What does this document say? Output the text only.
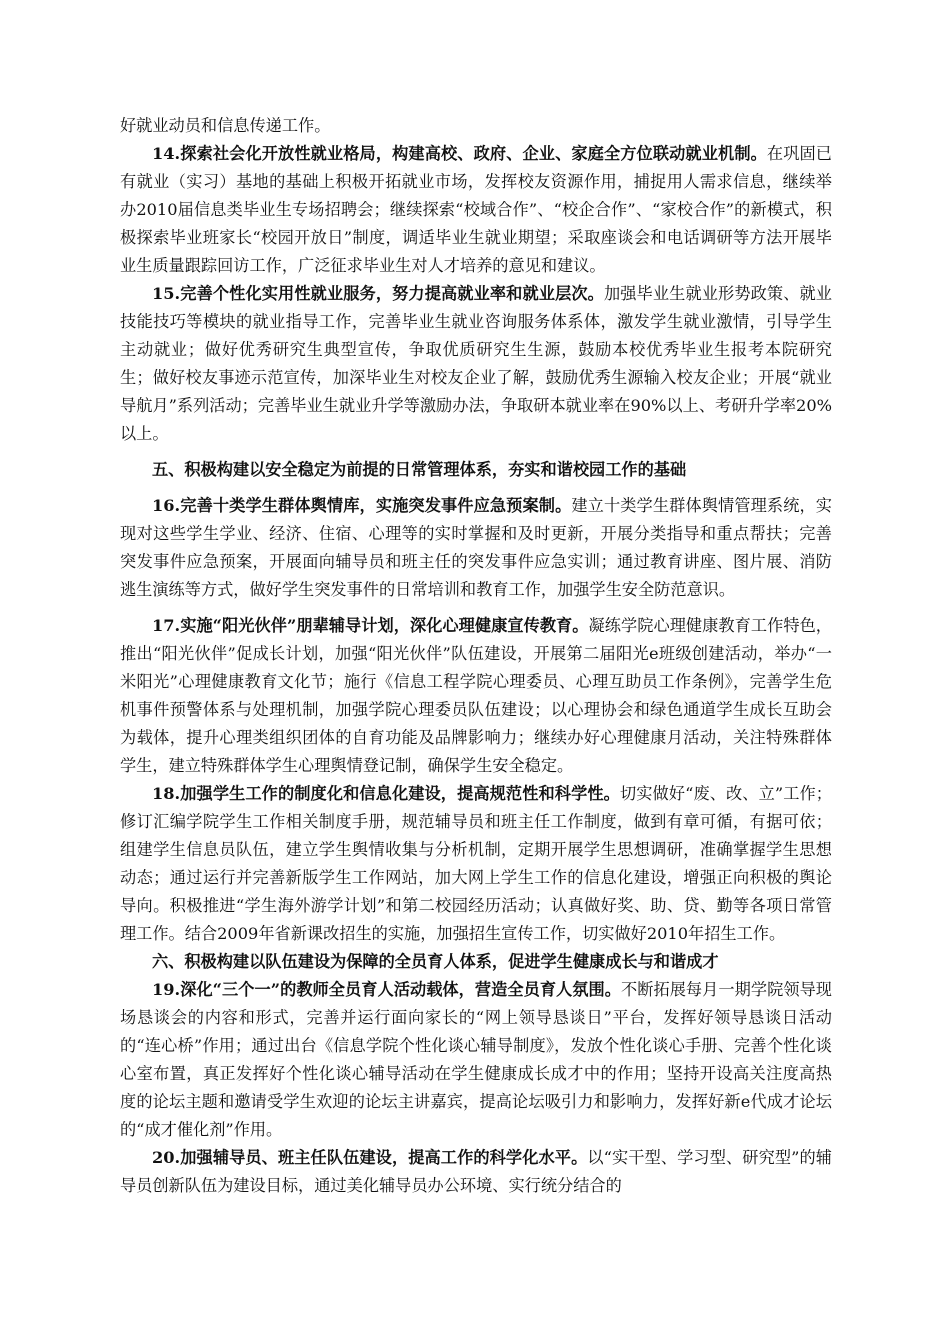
好就业动员和信息传递工作。

14.探索社会化开放性就业格局，构建高校、政府、企业、家庭全方位联动就业机制。在巩固已有就业（实习）基地的基础上积极开拓就业市场，发挥校友资源作用，捕捉用人需求信息，继续举办2010届信息类毕业生专场招聘会；继续探索“校域合作”、“校企合作”、“家校合作”的新模式，积极探索毕业班家长“校园开放日”制度，调适毕业生就业期望；采取座谈会和电话调研等方法开展毕业生质量跟踪回访工作，广泛征求毕业生对人才培养的意见和建议。

15.完善个性化实用性就业服务，努力提高就业率和就业层次。加强毕业生就业形势政策、就业技能技巧等模块的就业指导工作，完善毕业生就业咨询服务体系体，激发学生就业激情，引导学生主动就业；做好优秀研究生典型宣传，争取优质研究生生源，鼓励本校优秀毕业生报考本院研究生；做好校友事迹示范宣传，加深毕业生对校友企业了解，鼓励优秀生源输入校友企业；开展“就业导航月”系列活动；完善毕业生就业升学等激励办法，争取研本就业率在90%以上、考研升学率20%以上。

五、积极构建以安全稳定为前提的日常管理体系，夯实和谐校园工作的基础

16.完善十类学生群体舆情库，实施突发事件应急预案制。建立十类学生群体舆情管理系统，实现对这些学生学业、经济、住宿、心理等的实时掌握和及时更新，开展分类指导和重点帮扶；完善突发事件应急预案，开展面向辅导员和班主任的突发事件应急实训；通过教育讲座、图片展、消防逃生演练等方式，做好学生突发事件的日常培训和教育工作，加强学生安全防范意识。

17.实施“阳光伙伴”朋辈辅导计划，深化心理健康宣传教育。凝练学院心理健康教育工作特色，推出“阳光伙伴”促成长计划，加强“阳光伙伴”队伍建设，开展第二届阳光e班级创建活动，举办“一米阳光”心理健康教育文化节；施行《信息工程学院心理委员、心理互助员工作条例》，完善学生危机事件预警体系与处理机制，加强学院心理委员队伍建设；以心理协会和绿色通道学生成长互助会为载体，提升心理类组织团体的自育功能及品牌影响力；继续办好心理健康月活动，关注特殊群体学生，建立特殊群体学生心理舆情登记制，确保学生安全稳定。

18.加强学生工作的制度化和信息化建设，提高规范性和科学性。切实做好“废、改、立”工作；修订汇编学院学生工作相关制度手册，规范辅导员和班主任工作制度，做到有章可循，有据可依；组建学生信息员队伍，建立学生舆情收集与分析机制，定期开展学生思想调研，准确掌握学生思想动态；通过运行并完善新版学生工作网站，加大网上学生工作的信息化建设，增强正向积极的舆论导向。积极推进“学生海外游学计划”和第二校园经历活动；认真做好奖、助、贷、勤等各项日常管理工作。结合2009年省新课改招生的实施，加强招生宣传工作，切实做好2010年招生工作。

六、积极构建以队伍建设为保障的全员育人体系，促进学生健康成长与和谐成才

19.深化“三个一”的教师全员育人活动载体，营造全员育人氛围。不断拓展每月一期学院领导现场恳谈会的内容和形式，完善并运行面向家长的“网上领导恳谈日”平台，发挥好领导恳谈日活动的“连心桥”作用；通过出台《信息学院个性化谈心辅导制度》，发放个性化谈心手册、完善个性化谈心室布置，真正发挥好个性化谈心辅导活动在学生健康成长成才中的作用；坚持开设高关注度高热度的论坛主题和邀请受学生欢迎的论坛主讲嘉宾，提高论坛吸引力和影响力，发挥好新e代成才论坛的“成才催化剂”作用。

20.加强辅导员、班主任队伍建设，提高工作的科学化水平。以“实干型、学习型、研究型”的辅导员创新队伍为建设目标，通过美化辅导员办公环境、实行统分结合的
